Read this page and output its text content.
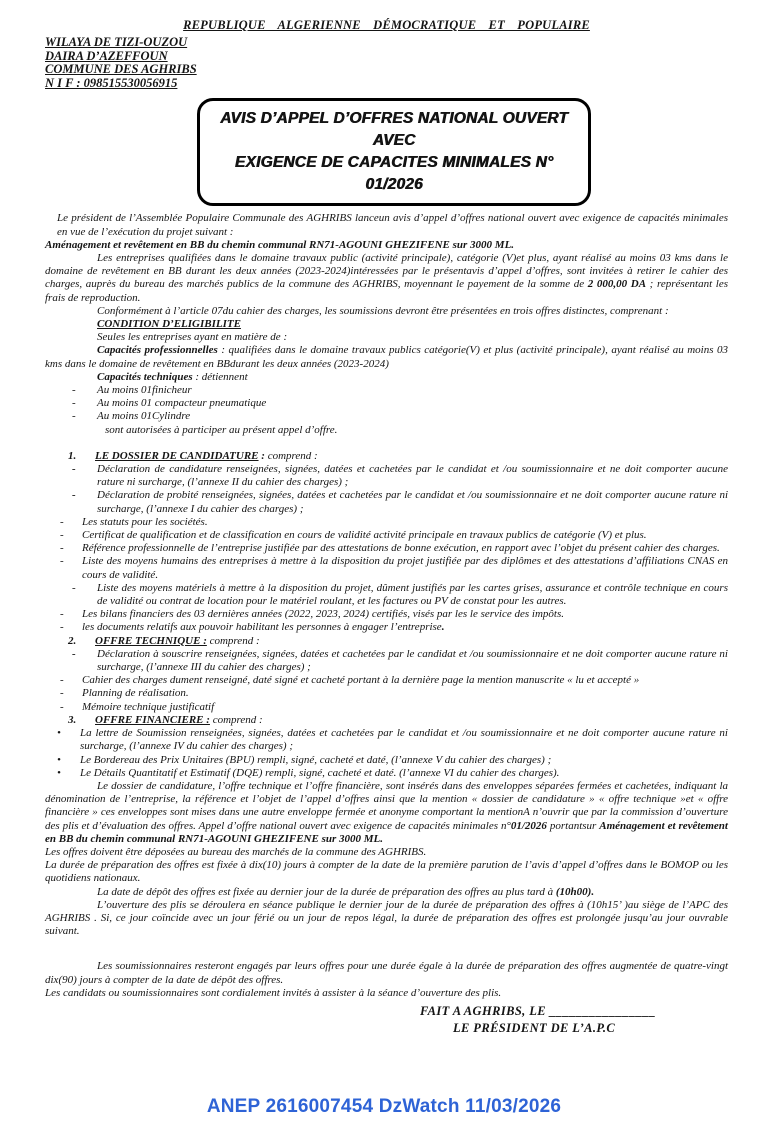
REPUBLIQUE ALGERIENNE DÉMOCRATIQUE ET POPULAIRE
WILAYA DE TIZI-OUZOU
DAIRA D’AZEFFOUN
COMMUNE DES AGHRIBS
N I F : 098515530056915
AVIS D’APPEL D’OFFRES NATIONAL OUVERT AVEC
EXIGENCE DE CAPACITES MINIMALES N° 01/2026

Le président de l’Assemblée Populaire Communale des AGHRIBS lanceun avis d’appel d’offres national ouvert avec exigence de capacités minimales en vue de l’exécution du projet suivant :

Aménagement et revêtement en BB du chemin communal RN71-AGOUNI GHEZIFENE sur 3000 ML.

Les entreprises qualifiées dans le domaine travaux public (activité principale), catégorie (V)et plus, ayant réalisé au moins 03 kms dans le domaine de revêtement en BB durant les deux années (2023-2024)intéressées par le présentavis d’appel d’offres, sont invitées à retirer le cahier des charges, auprès du bureau des marchés publics de la commune des AGHRIBS, moyennant le payement de la somme de 2 000,00 DA ; représentant les frais de reproduction.

Conformément à l’article 07du cahier des charges, les soumissions devront être présentées en trois offres distinctes, comprenant :

CONDITION D’ELIGIBILITE

Seules les entreprises ayant en matière de :

Capacités professionnelles : qualifiées dans le domaine travaux publics catégorie(V) et plus (activité principale), ayant réalisé au moins 03 kms dans le domaine de revêtement en BBdurant les deux années (2023-2024)

Capacités techniques : détiennent

-	Au moins 01finicheur
-	Au moins 01 compacteur pneumatique
-	Au moins 01Cylindre

sont autorisées à participer au présent appel d’offre.

1.	LE DOSSIER DE CANDIDATURE : comprend :
-	Déclaration de candidature renseignées, signées, datées et cachetées par le candidat et /ou soumissionnaire et ne doit comporter aucune rature ni surcharge, (l’annexe II du cahier des charges) ;
-	Déclaration de probité renseignées, signées, datées et cachetées par le candidat et /ou soumissionnaire et ne doit comporter aucune rature ni surcharge, (l’annexe I du cahier des charges) ;
-	Les statuts pour les sociétés.
-	Certificat de qualification et de classification en cours de validité activité principale en travaux publics de catégorie (V) et plus.
-	Référence professionnelle de l’entreprise justifiée par des attestations de bonne exécution, en rapport avec l’objet du présent cahier des charges.
-	Liste des moyens humains des entreprises à mettre à la disposition du projet justifiée par des diplômes et des attestations d’affiliations CNAS en cours de validité.
-	Liste des moyens matériels à mettre à la disposition du projet, dûment justifiés par les cartes grises, assurance et contrôle technique en cours de validité ou contrat de location pour le matériel roulant, et les factures ou PV de constat pour les autres.
-	Les bilans financiers des 03 dernières années (2022, 2023, 2024) certifiés, visés par les le service des impôts.
-	les documents relatifs aux pouvoir habilitant les personnes à engager l’entreprise.
2.	OFFRE TECHNIQUE : comprend :
-	Déclaration à souscrire renseignées, signées, datées et cachetées par le candidat et /ou soumissionnaire et ne doit comporter aucune rature ni surcharge, (l’annexe III du cahier des charges) ;
-	Cahier des charges dument renseigné, daté signé et cacheté portant à la dernière page la mention manuscrite « lu et accepté »
-	Planning de réalisation.
-	Mémoire technique justificatif
3.	OFFRE FINANCIERE : comprend :
•	La lettre de Soumission renseignées, signées, datées et cachetées par le candidat et /ou soumissionnaire et ne doit comporter aucune rature ni surcharge, (l’annexe IV du cahier des charges) ;
•	Le Bordereau des Prix Unitaires (BPU) rempli, signé, cacheté et daté, (l’annexe V du cahier des charges) ;
•	Le Détails Quantitatif et Estimatif (DQE) rempli, signé, cacheté et daté. (l’annexe VI du cahier des charges).

Le dossier de candidature, l’offre technique et l’offre financière, sont insérés dans des enveloppes séparées fermées et cachetées, indiquant la dénomination de l’entreprise, la référence et l’objet de l’appel d’offres ainsi que la mention « dossier de candidature » « offre technique »et « offre financière » ces enveloppes sont mises dans une autre enveloppe fermée et anonyme comportant la mentionA n’ouvrir que par la commission d’ouverture des plis et d’évaluation des offres. Appel d’offre national ouvert avec exigence de capacités minimales n°01/2026 portantsur Aménagement et revêtement en BB du chemin communal RN71-AGOUNI GHEZIFENE sur 3000 ML.

Les offres doivent être déposées au bureau des marchés de la commune des AGHRIBS.

La durée de préparation des offres est fixée à dix(10) jours à compter de la date de la première parution de l’avis d’appel d’offres dans le BOMOP ou les quotidiens nationaux.

La date de dépôt des offres est fixée au dernier jour de la durée de préparation des offres au plus tard à (10h00).

L’ouverture des plis se déroulera en séance publique le dernier jour de la durée de préparation des offres à (10h15’ )au siège de l’APC des AGHRIBS . Si, ce jour coïncide avec un jour férié ou un jour de repos légal, la durée de préparation des offres est prolongée jusqu’au jour ouvrable suivant.

Les soumissionnaires resteront engagés par leurs offres pour une durée égale à la durée de préparation des offres augmentée de quatre-vingt dix(90) jours à compter de la date de dépôt des offres.

Les candidats ou soumissionnaires sont cordialement invités à assister à la séance d’ouverture des plis.

FAIT A AGHRIBS, LE ________________
LE PRÉSIDENT DE L’A.P.C
ANEP 2616007454 DzWatch 11/03/2026
